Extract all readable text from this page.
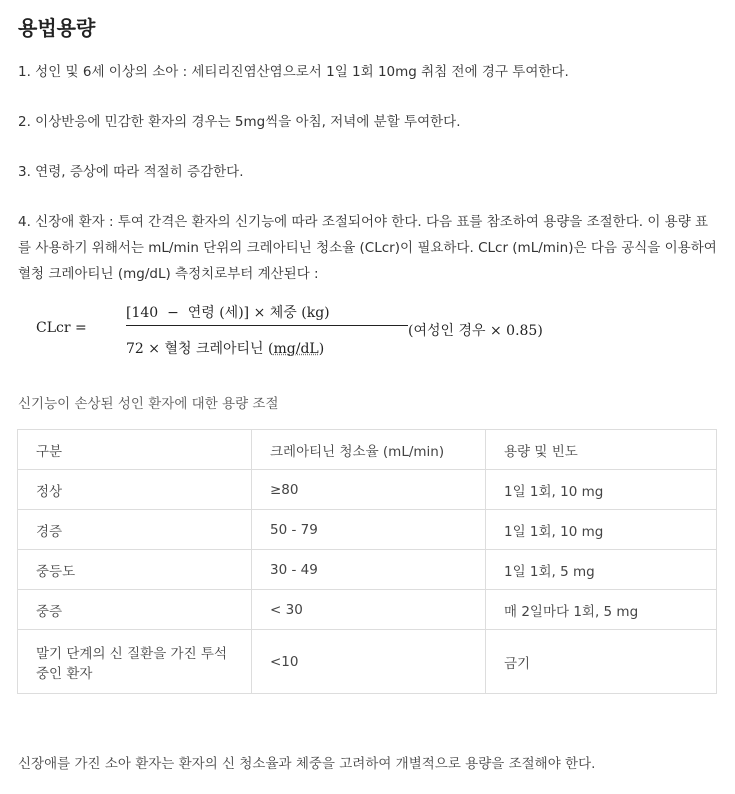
용법용량
1. 성인 및 6세 이상의 소아 : 세티리진염산염으로서 1일 1회 10mg 취침 전에 경구 투여한다.
2. 이상반응에 민감한 환자의 경우는 5mg씩을 아침, 저녁에 분할 투여한다.
3. 연령, 증상에 따라 적절히 증감한다.
4. 신장애 환자 : 투여 간격은 환자의 신기능에 따라 조절되어야 한다. 다음 표를 참조하여 용량을 조절한다. 이 용량 표를 사용하기 위해서는 mL/min 단위의 크레아티닌 청소율 (CLcr)이 필요하다. CLcr (mL/min)은 다음 공식을 이용하여 혈청 크레아티닌 (mg/dL) 측정치로부터 계산된다 :
CLcr =
[140  −  연령 (세)] × 체중 (kg)
72 × 혈청 크레아티닌 (mg/dL)
(여성인 경우 × 0.85)
신기능이 손상된 성인 환자에 대한 용량 조절
구분	크레아티닌 청소율 (mL/min)	용량 및 빈도
정상	≥80	1일 1회, 10 mg
경증	50 - 79	1일 1회, 10 mg
중등도	30 - 49	1일 1회, 5 mg
중증	< 30	매 2일마다 1회, 5 mg
말기 단계의 신 질환을 가진 투석중인 환자	<10	금기
신장애를 가진 소아 환자는 환자의 신 청소율과 체중을 고려하여 개별적으로 용량을 조절해야 한다.
